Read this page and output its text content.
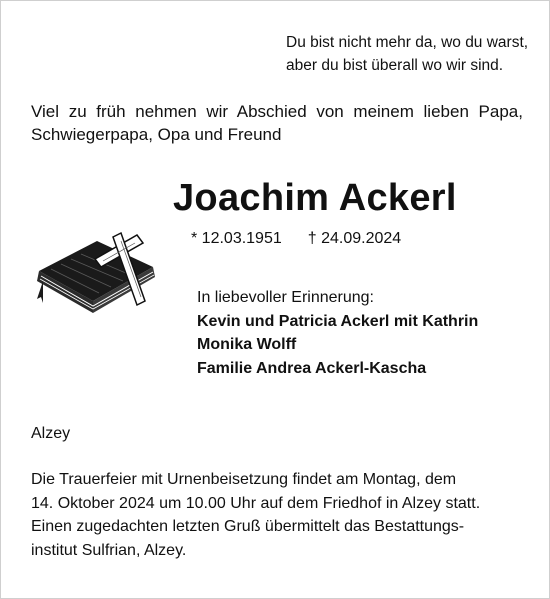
Du bist nicht mehr da, wo du warst,
aber du bist überall wo wir sind.
Viel zu früh nehmen wir Abschied von meinem lieben Papa,
Schwiegerpapa, Opa und Freund
Joachim Ackerl
* 12.03.1951 † 24.09.2024
In liebevoller Erinnerung:
Kevin und Patricia Ackerl mit Kathrin
Monika Wolff
Familie Andrea Ackerl-Kascha
Alzey
Die Trauerfeier mit Urnenbeisetzung findet am Montag, dem
14. Oktober 2024 um 10.00 Uhr auf dem Friedhof in Alzey statt.
Einen zugedachten letzten Gruß übermittelt das Bestattungs-
institut Sulfrian, Alzey.
